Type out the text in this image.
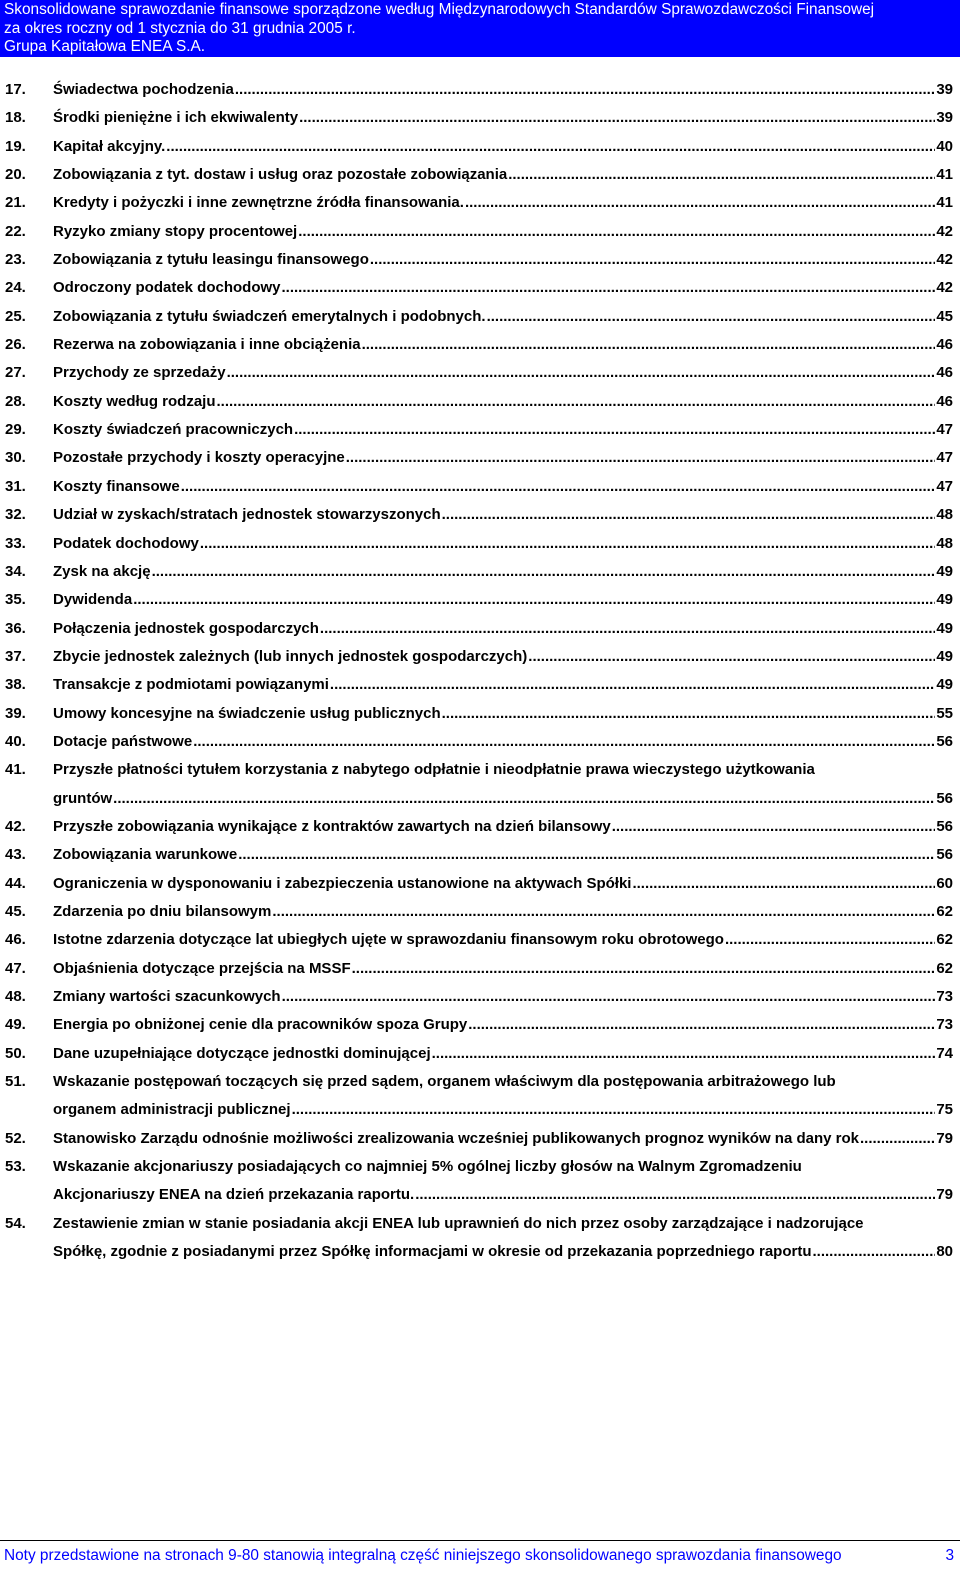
Skonsolidowane sprawozdanie finansowe sporządzone według Międzynarodowych Standardów Sprawozdawczości Finansowej
za okres roczny od 1 stycznia do 31 grudnia 2005 r.
Grupa Kapitałowa ENEA S.A.
17. Świadectwa pochodzenia .....	39
18. Środki pieniężne i ich ekwiwalenty .....	39
19. Kapitał akcyjny. .....	40
20. Zobowiązania z tyt. dostaw i usług oraz pozostałe zobowiązania .....	41
21. Kredyty i pożyczki i inne zewnętrzne źródła finansowania. .....	41
22. Ryzyko zmiany stopy procentowej .....	42
23. Zobowiązania z tytułu leasingu finansowego .....	42
24. Odroczony podatek dochodowy .....	42
25. Zobowiązania z tytułu świadczeń emerytalnych i podobnych. .....	45
26. Rezerwa na zobowiązania i inne obciążenia .....	46
27. Przychody ze sprzedaży .....	46
28. Koszty według rodzaju .....	46
29. Koszty świadczeń pracowniczych .....	47
30. Pozostałe przychody i koszty operacyjne .....	47
31. Koszty finansowe .....	47
32. Udział w zyskach/stratach jednostek stowarzyszonych .....	48
33. Podatek dochodowy .....	48
34. Zysk na akcję .....	49
35. Dywidenda .....	49
36. Połączenia jednostek gospodarczych .....	49
37. Zbycie jednostek zależnych (lub innych jednostek gospodarczych) .....	49
38. Transakcje z podmiotami powiązanymi .....	49
39. Umowy koncesyjne na świadczenie usług publicznych .....	55
40. Dotacje państwowe .....	56
41. Przyszłe płatności tytułem korzystania z nabytego odpłatnie i nieodpłatnie prawa wieczystego użytkowania
gruntów .....	56
42. Przyszłe zobowiązania wynikające z kontraktów zawartych na dzień bilansowy .....	56
43. Zobowiązania warunkowe .....	56
44. Ograniczenia w dysponowaniu i zabezpieczenia ustanowione na aktywach Spółki .....	60
45. Zdarzenia po dniu bilansowym .....	62
46. Istotne zdarzenia dotyczące lat ubiegłych ujęte w sprawozdaniu finansowym roku obrotowego .....	62
47. Objaśnienia dotyczące przejścia na MSSF .....	62
48. Zmiany wartości szacunkowych .....	73
49. Energia po obniżonej cenie dla pracowników spoza Grupy .....	73
50. Dane uzupełniające dotyczące jednostki dominującej .....	74
51. Wskazanie postępowań toczących się przed sądem, organem właściwym dla postępowania arbitrażowego lub
organem administracji publicznej .....	75
52. Stanowisko Zarządu odnośnie możliwości zrealizowania wcześniej publikowanych prognoz wyników na dany rok .....	79
53. Wskazanie akcjonariuszy posiadających co najmniej 5% ogólnej liczby głosów na Walnym Zgromadzeniu
Akcjonariuszy ENEA na dzień przekazania raportu. .....	79
54. Zestawienie zmian w stanie posiadania akcji ENEA lub uprawnień do nich przez osoby zarządzające i nadzorujące
Spółkę, zgodnie z posiadanymi przez Spółkę informacjami w okresie od przekazania poprzedniego raportu .....	80
Noty przedstawione na stronach 9-80 stanowią integralną część niniejszego skonsolidowanego sprawozdania finansowego	3
